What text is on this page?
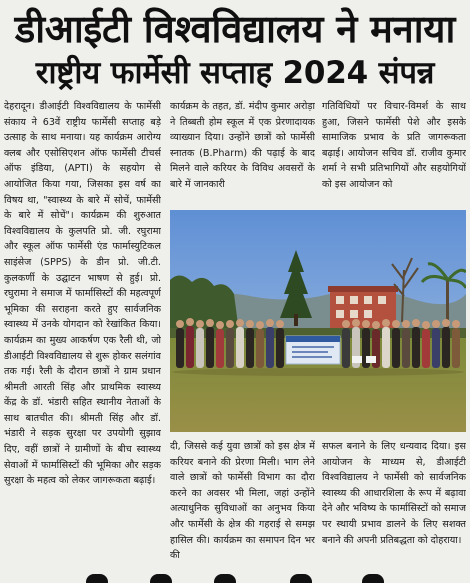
डीआईटी विश्वविद्यालय ने मनाया
राष्ट्रीय फार्मेसी सप्ताह 2024 संपन्न

देहरादून। डीआईटी विश्वविद्यालय के फार्मेसी संकाय ने 63वें राष्ट्रीय फार्मेसी सप्ताह बड़े उत्साह के साथ मनाया। यह कार्यक्रम आरोग्य क्लब और एसोसिएशन ऑफ फार्मेसी टीचर्स ऑफ इंडिया, (APTI) के सहयोग से आयोजित किया गया, जिसका इस वर्ष का विषय था, "स्वास्थ्य के बारे में सोचें, फार्मेसी के बारे में सोचें"। कार्यक्रम की शुरुआत विश्वविद्यालय के कुलपति प्रो. जी. रघुरामा और स्कूल ऑफ फार्मेसी एंड फार्मास्युटिकल साइंसेज (SPPS) के डीन प्रो. जी.टी. कुलकर्णी के उद्घाटन भाषण से हुई। प्रो. रघुरामा ने समाज में फार्मासिस्टों की महत्वपूर्ण भूमिका की सराहना करते हुए सार्वजनिक स्वास्थ्य में उनके योगदान को रेखांकित किया। कार्यक्रम का मुख्य आकर्षण एक रैली थी, जो डीआईटी विश्वविद्यालय से शुरू होकर सलंगांव तक गई। रैली के दौरान छात्रों ने ग्राम प्रधान श्रीमती आरती सिंह और प्राथमिक स्वास्थ्य केंद्र के डॉ. भंडारी सहित स्थानीय नेताओं के साथ बातचीत की। श्रीमती सिंह और डॉ. भंडारी ने सड़क सुरक्षा पर उपयोगी सुझाव दिए, वहीं छात्रों ने ग्रामीणों के बीच स्वास्थ्य सेवाओं में फार्मासिस्टों की भूमिका और सड़क सुरक्षा के महत्व को लेकर जागरूकता बढ़ाई।

कार्यक्रम के तहत, डॉ. मंदीप कुमार अरोड़ा ने तिब्बती होम स्कूल में एक प्रेरणादायक व्याख्यान दिया। उन्होंने छात्रों को फार्मेसी स्नातक (B.Pharm) की पढ़ाई के बाद मिलने वाले करियर के विविध अवसरों के बारे में जानकारी

गतिविधियों पर विचार-विमर्श के साथ हुआ, जिसने फार्मेसी पेशे और इसके सामाजिक प्रभाव के प्रति जागरूकता बढ़ाई। आयोजन सचिव डॉ. राजीव कुमार शर्मा ने सभी प्रतिभागियों और सहयोगियों को इस आयोजन को

दी, जिससे कई युवा छात्रों को इस क्षेत्र में करियर बनाने की प्रेरणा मिली। भाग लेने वाले छात्रों को फार्मेसी विभाग का दौरा करने का अवसर भी मिला, जहां उन्होंने अत्याधुनिक सुविधाओं का अनुभव किया और फार्मेसी के क्षेत्र की गहराई से समझ हासिल की। कार्यक्रम का समापन दिन भर की

सफल बनाने के लिए धन्यवाद दिया। इस आयोजन के माध्यम से, डीआईटी विश्वविद्यालय ने फार्मेसी को सार्वजनिक स्वास्थ्य की आधारशिला के रूप में बढ़ावा देने और भविष्य के फार्मासिस्टों को समाज पर स्थायी प्रभाव डालने के लिए सशक्त बनाने की अपनी प्रतिबद्धता को दोहराया।
